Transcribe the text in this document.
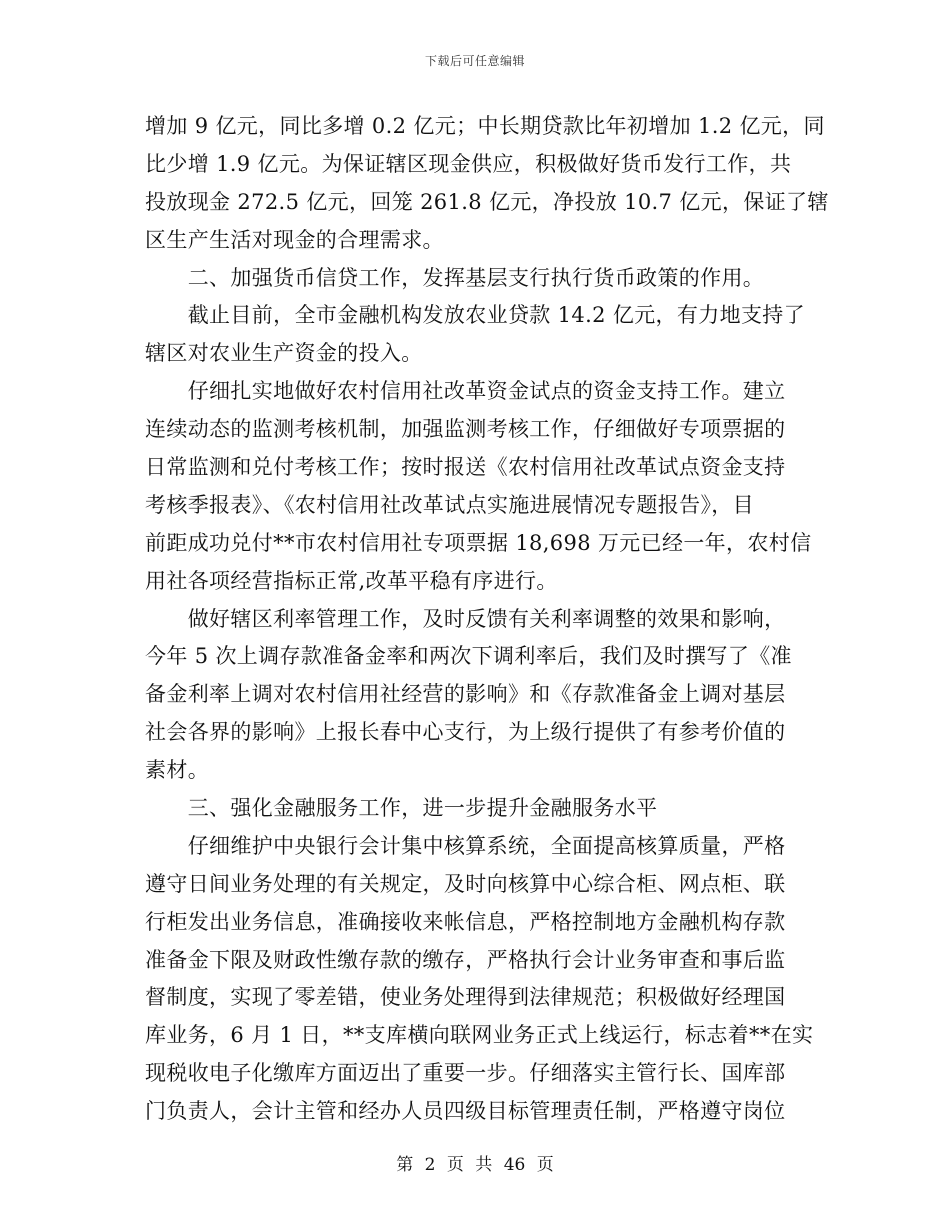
下载后可任意编辑
增加 9 亿元，同比多增 0.2 亿元；中长期贷款比年初增加 1.2 亿元，同
比少增 1.9 亿元。为保证辖区现金供应，积极做好货币发行工作，共
投放现金 272.5 亿元，回笼 261.8 亿元，净投放 10.7 亿元，保证了辖
区生产生活对现金的合理需求。
　　二、加强货币信贷工作，发挥基层支行执行货币政策的作用。
　　截止目前，全市金融机构发放农业贷款 14.2 亿元，有力地支持了
辖区对农业生产资金的投入。
　　仔细扎实地做好农村信用社改革资金试点的资金支持工作。建立
连续动态的监测考核机制，加强监测考核工作，仔细做好专项票据的
日常监测和兑付考核工作；按时报送《农村信用社改革试点资金支持
考核季报表》、《农村信用社改革试点实施进展情况专题报告》，目
前距成功兑付**市农村信用社专项票据 18,698 万元已经一年，农村信
用社各项经营指标正常,改革平稳有序进行。
　　做好辖区利率管理工作，及时反馈有关利率调整的效果和影响，
今年 5 次上调存款准备金率和两次下调利率后，我们及时撰写了《准
备金利率上调对农村信用社经营的影响》和《存款准备金上调对基层
社会各界的影响》上报长春中心支行，为上级行提供了有参考价值的
素材。
　　三、强化金融服务工作，进一步提升金融服务水平
　　仔细维护中央银行会计集中核算系统，全面提高核算质量，严格
遵守日间业务处理的有关规定，及时向核算中心综合柜、网点柜、联
行柜发出业务信息，准确接收来帐信息，严格控制地方金融机构存款
准备金下限及财政性缴存款的缴存，严格执行会计业务审查和事后监
督制度，实现了零差错，使业务处理得到法律规范；积极做好经理国
库业务，6 月 1 日，**支库横向联网业务正式上线运行，标志着**在实
现税收电子化缴库方面迈出了重要一步。仔细落实主管行长、国库部
门负责人，会计主管和经办人员四级目标管理责任制，严格遵守岗位
第 2 页 共 46 页
